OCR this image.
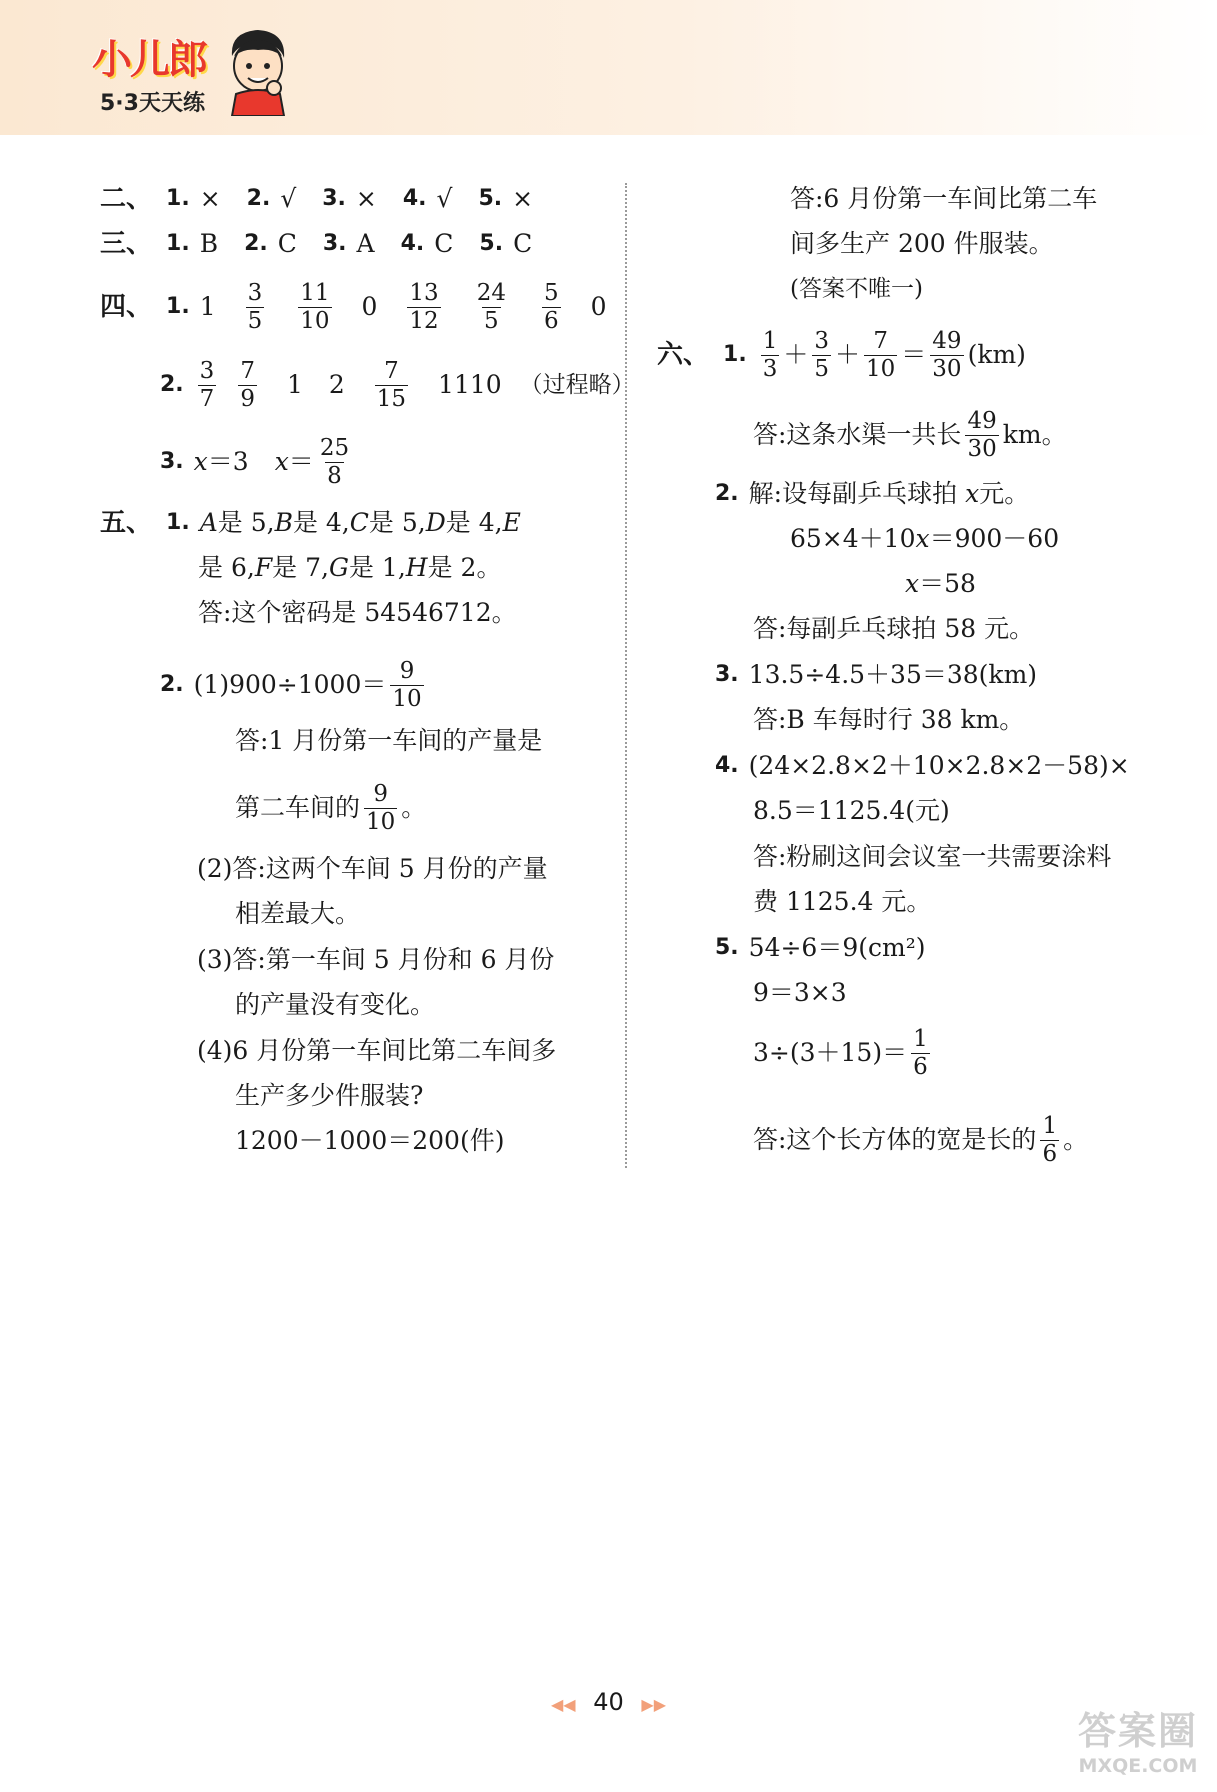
小儿郎
5·3天天练
二、 1. × 2. √ 3. × 4. √ 5. ×
三、 1. B 2. C 3. A 4. C 5. C
四、 1. $1 \frac{3}{5} \frac{11}{10} 0 \frac{13}{12} \frac{24}{5} \frac{5}{6} 0$
2. $\frac{3}{7} \frac{7}{9} 1$ $2 \frac{7}{15} 1110$ （过程略）
3. x ＝3 $x = \frac{25}{8}$
五、 1. A 是 5, B 是 4, C 是 5, D 是 4, E
是 6, F 是 7, G 是 1, H 是 2。
答:这个密码是 54546712。
2. $(1)900\div 1000= \frac{9}{10}$
答:1 月份第一车间的产量是
第二车间的 $\frac{9}{10}$ 。
(2)答:这两个车间 5 月份的产量
相差最大。
(3)答:第一车间 5 月份和 6 月份
的产量没有变化。
(4)6 月份第一车间比第二车间多
生产多少件服装?
1200－1000＝200(件)
答:6 月份第一车间比第二车
间多生产 200 件服装。
(答案不唯一)
六、 1. $\frac{1}{3} + \frac{3}{5} + \frac{7}{10} = \frac{49}{30} (km)$
答:这条水渠一共长 $\frac{49}{30}$ km。
2. 解:设每副乒乓球拍 x 元。
65×4＋10 x ＝900－60
x ＝58
答:每副乒乓球拍 58 元。
3. 13.5÷4.5＋35＝38(km)
答:B 车每时行 38 km。
4. (24×2.8×2＋10×2.8×2－58)×
8.5＝1125.4(元)
答:粉刷这间会议室一共需要涂料
费 1125.4 元。
5. 54÷6＝9(cm²)
9＝3×3
$3\div(3+15)= \frac{1}{6}$
答:这个长方体的宽是长的 $\frac{1}{6}$ 。
◀◀ 40 ▶▶
答案圈
MXQE.COM
